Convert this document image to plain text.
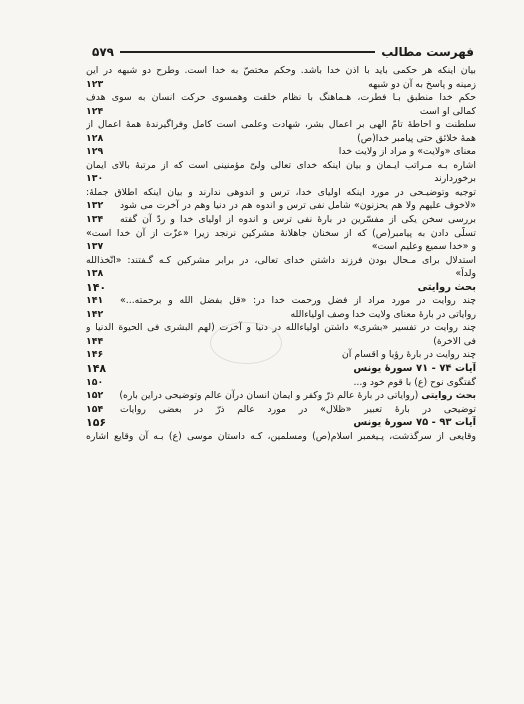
۵۷۹	فهرست مطالب
بیان اینکه هر حکمی باید با اذن خدا باشد. وحکم مختصّ به خدا است. وطرح دو شبهه در این
زمینه و پاسخ به آن دو شبهه
۱۲۳
حکم خدا منطبق بـا فطرت، هـماهنگ با نظام خلقت وهمسوی حرکت انسان به سوی هدف
کمالی او است
۱۲۴
سلطنت و احاطهٔ تامّ الهی بر اعمال بشر، شهادت وعلمی است کامل وفراگیرندهٔ همهٔ اعمال از
همهٔ خلائق حتی پیامبر خدا(ص)
۱۲۸
معنای «ولایت» و مراد از ولایت خدا
۱۲۹
اشاره بـه مـراتب ایـمان و بیان اینکه خدای تعالی ولیّ مؤمنینی است که از مرتبهٔ بالای ایمان
برخوردارند
۱۳۰
توجیه وتوضیـحی در مورد اینکه اولیای خدا، ترس و اندوهی ندارند و بیان اینکه اطلاق جملهٔ:
«لاخوف علیهم ولا هم یحزنون» شامل نفی ترس و اندوه هم در دنیا وهم در آخرت می شود
۱۳۲
بررسی سخن یکی از مفسّرین در بارهٔ نفی ترس و اندوه از اولیای خدا و ردّ آن گفته
۱۳۴
تسلّی دادن به پیامبر(ص) که از سخنان جاهلانهٔ مشرکین نرنجد زیرا «عزّت از آن خدا است»
و «خدا سمیع وعلیم است»
۱۳۷
استدلال برای مـحال بودن فرزند داشتن خدای تعالی، در برابر مشرکین کـه گـفتند: «اتّخذالله
ولداً»
۱۳۸
بحث روایتی
۱۴۰
چند روایت در مورد مراد از فضل ورحمت خدا در: «قل بفضل الله و برحمته...»
۱۴۱
روایاتی در بارهٔ معنای ولایت خدا وصف اولیاءالله
۱۴۲
چند روایت در تفسیر «بشری» داشتن اولیاءالله در دنیا و آخرت (لهم البشری فی الحیوة الدنیا و
فی الاخرة)
۱۴۴
چند روایت در بارهٔ رؤیا و اقسام آن
۱۴۶
آیات ۷۴ - ۷۱ سورهٔ یونس
۱۴۸
گفتگوی نوح (ع) با قوم خود و...
۱۵۰
بحث روایتی (روایاتی در بارهٔ عالم ذرّ وکفر و ایمان انسان درآن عالم وتوضیحی دراین باره)
۱۵۲
توضیحی در بارهٔ تعبیر «ظلال» در مورد عالم ذرّ در بعضی روایات
۱۵۴
آیات ۹۳ - ۷۵ سورهٔ یونس
۱۵۶
وقایعی از سرگذشت، پـیغمبر اسلام(ص) ومسلمین، کـه داستان موسی (ع) بـه آن وقایع اشاره
